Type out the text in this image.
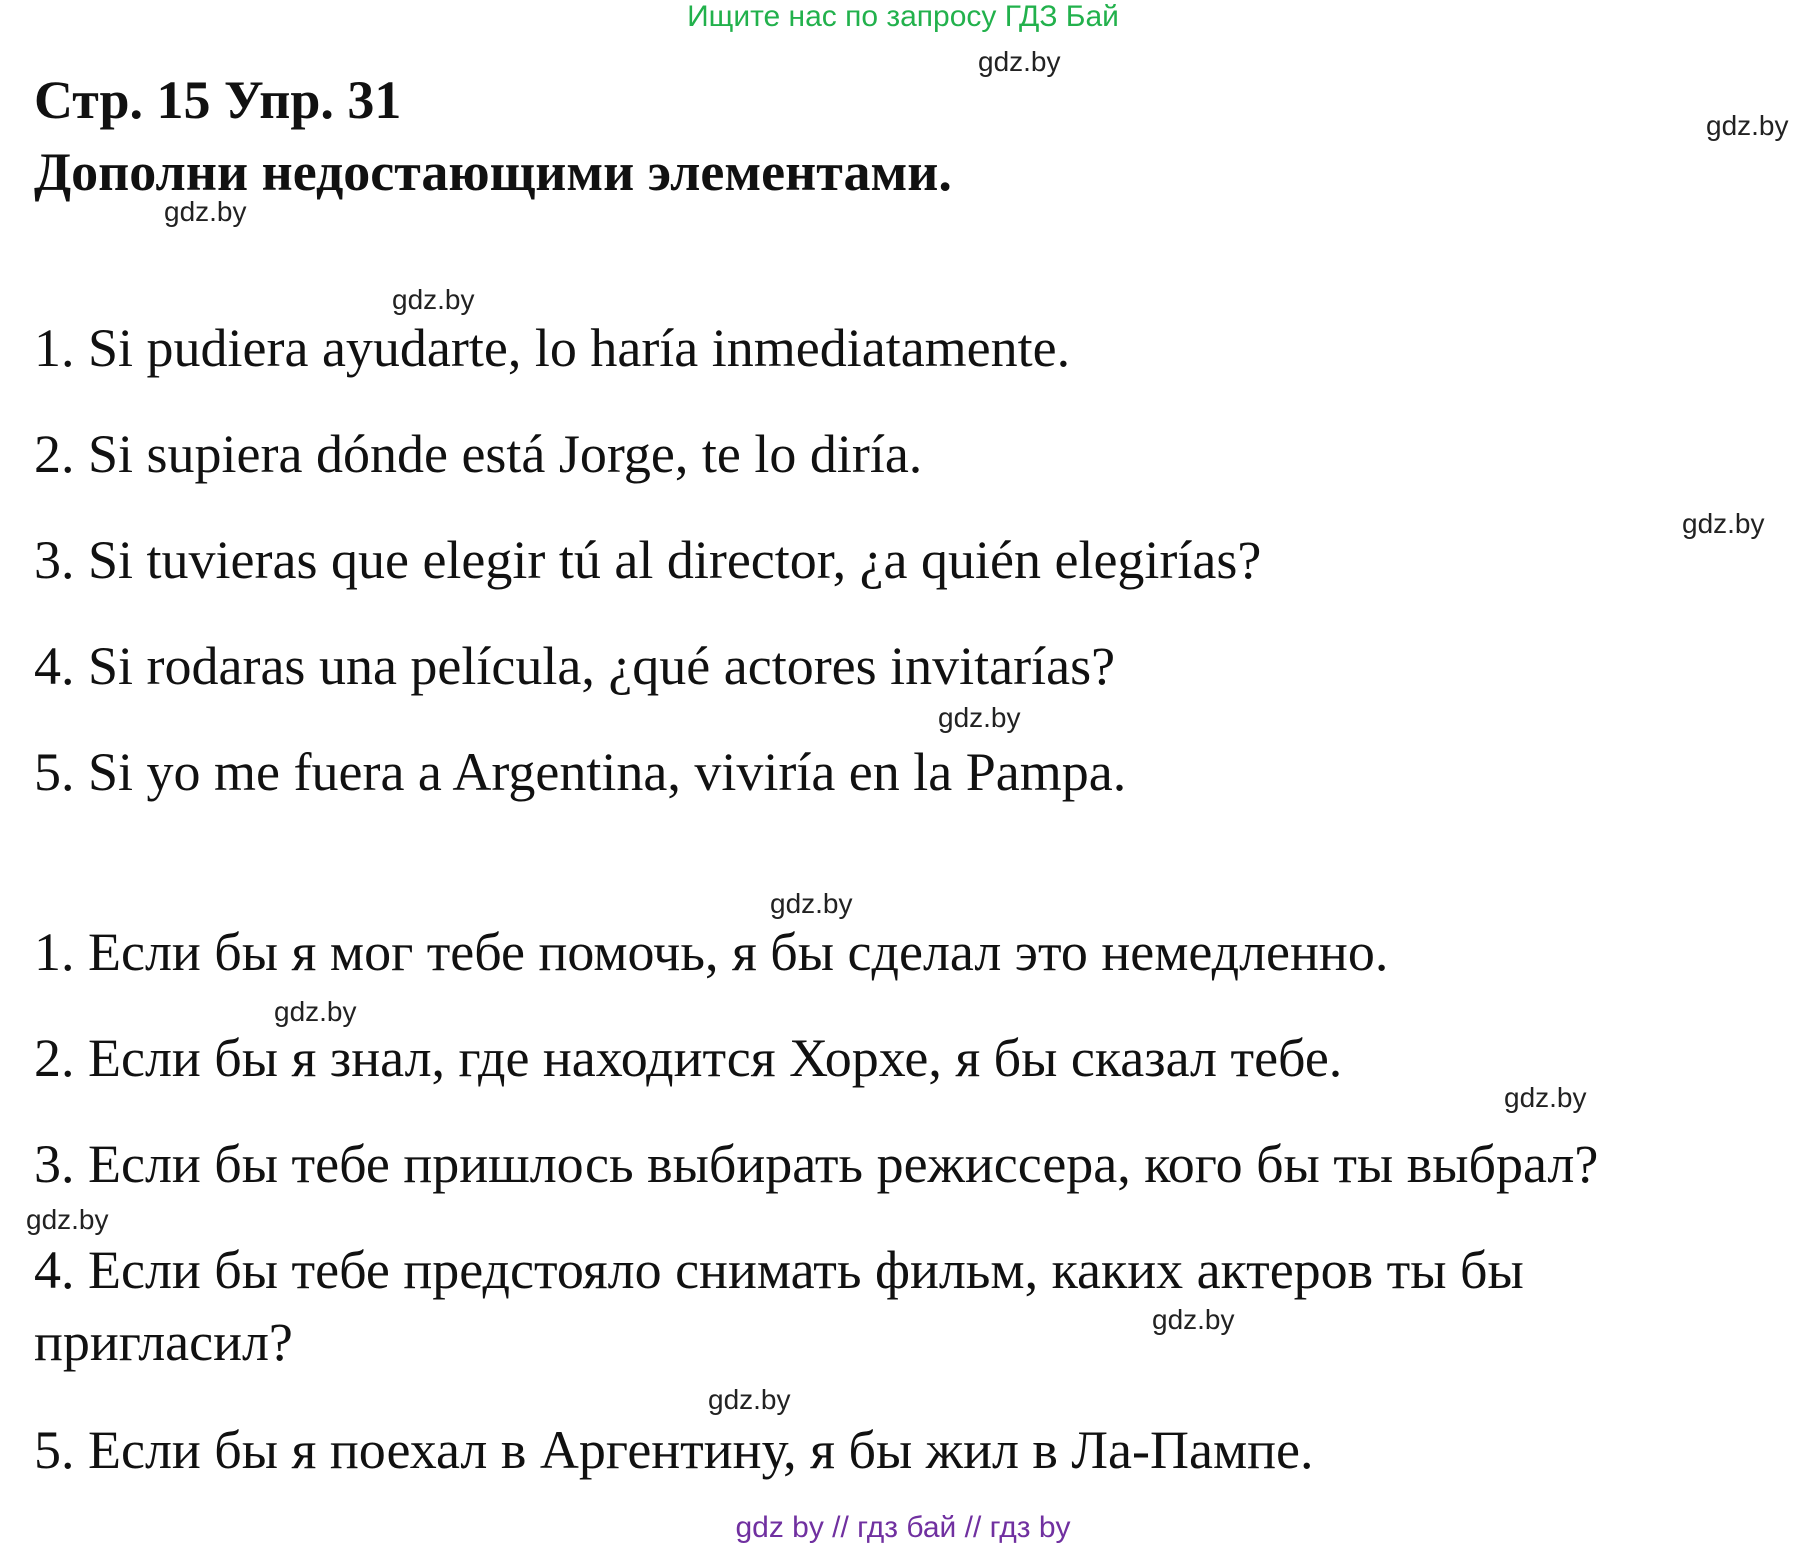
Ищите нас по запросу ГДЗ Бай
Стр. 15 Упр. 31
Дополни недостающими элементами.
1. Si pudiera ayudarte, lo haría inmediatamente.
2. Si supiera dónde está Jorge, te lo diría.
3. Si tuvieras que elegir tú al director, ¿a quién elegirías?
4. Si rodaras una película, ¿qué actores invitarías?
5. Si yo me fuera a Argentina, viviría en la Pampa.
1. Если бы я мог тебе помочь, я бы сделал это немедленно.
2. Если бы я знал, где находится Хорхе, я бы сказал тебе.
3. Если бы тебе пришлось выбирать режиссера, кого бы ты выбрал?
4. Если бы тебе предстояло снимать фильм, каких актеров ты бы
пригласил?
5. Если бы я поехал в Аргентину, я бы жил в Ла-Пампе.
gdz.by
gdz.by
gdz.by
gdz.by
gdz.by
gdz.by
gdz.by
gdz.by
gdz.by
gdz.by
gdz.by
gdz.by
gdz by // гдз бай // гдз by
